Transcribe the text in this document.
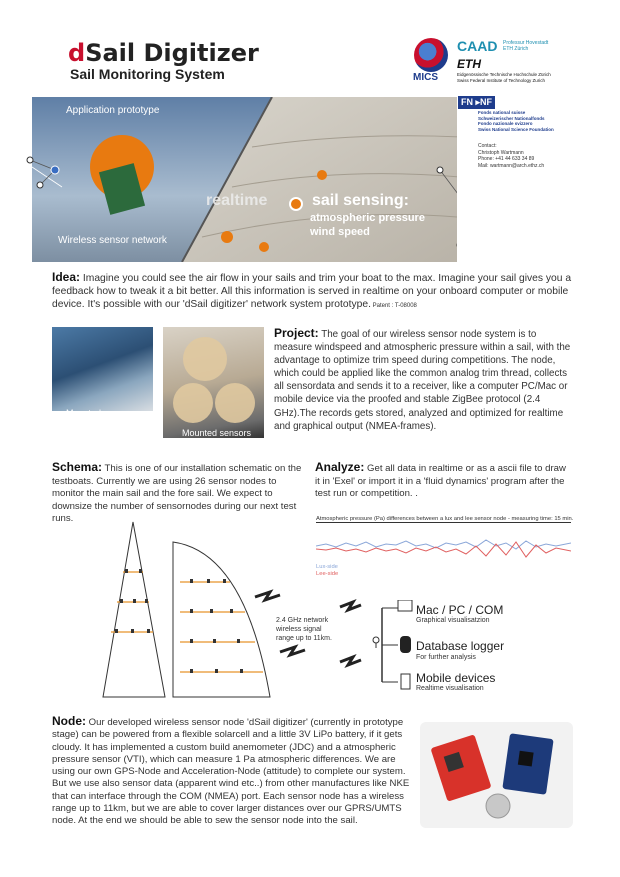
dSail Digitizer
Sail Monitoring System	MICS
CAAD Professur Hovestadt
ETH Zürich
ETH
Eidgenössische Technische Hochschule Zürich
Swiss Federal Institute of Technology Zurich
FN ▸NF
Fonds national suisse
Schweizerischer Nationalfonds
Fondo nazionale svizzero
Swiss National Science Foundation
Contact:
Christoph Wartmann
Phone: +41 44 633 34 89
Mail: wartmann@arch.ethz.ch
Application prototype
Wireless sensor network
realtime	sail sensing:
atmospheric pressure
wind speed
Idea: Imagine you could see the air flow in your sails and trim your boat to the max. Imagine your sail gives you a feedback how to tweak it a bit better. All this information is served in realtime on your onboard computer or mobile device. It's possible with our 'dSail digitizer' network system prototype. Patent : T-08008
Mounted sensors
Mounted sensors
Project: The goal of our wireless sensor node system is to measure windspeed and atmospheric pressure within a sail, with the advantage to optimize trim speed during competitions. The node, which could be applied like the common analog trim thread, collects all sensordata and sends it to a receiver, like a computer PC/Mac or mobile device via the proofed and stable ZigBee protocol (2.4 GHz).The records gets stored, analyzed and optimized for realtime and graphical output (NMEA-frames).
Schema: This is one of our installation schematic on the testboats. Currently we are using 26 sensor nodes to monitor the main sail and the fore sail. We expect to downsize the number of sensornodes during our next test runs.
Analyze: Get all data in realtime or as a ascii file to draw it in 'Exel' or import it in a 'fluid dynamics' program after the test run or competition. .
Atmospheric pressure (Pa) differences between a lux and lee sensor node - measuring time: 15 min.
Lux-side
Lee-side
2.4 GHz network
wireless signal
range up to 11km.
Mac / PC / COM
Graphical visualisatzion
Database logger
For further analysis
Mobile devices
Realtime visualisation
Node: Our developed wireless sensor node 'dSail digitizer' (currently in prototype stage) can be powered from a flexible solarcell and a little 3V LiPo battery, if it gets cloudy. It has implemented a custom build anemometer (JDC) and a atmospheric pressure sensor (VTI), which can measure 1 Pa atmospheric differences. We are using our own GPS-Node and Acceleration-Node (attitude) to complete our system. But we use also sensor data (apparent wind etc..) from other manufactures like NKE that can interface through the COM (NMEA) port. Each sensor node has a wireless range up to 11km, but we are able to cover larger distances over our GPRS/UMTS node. At the end we should be able to sew the sensor node into the sail.
